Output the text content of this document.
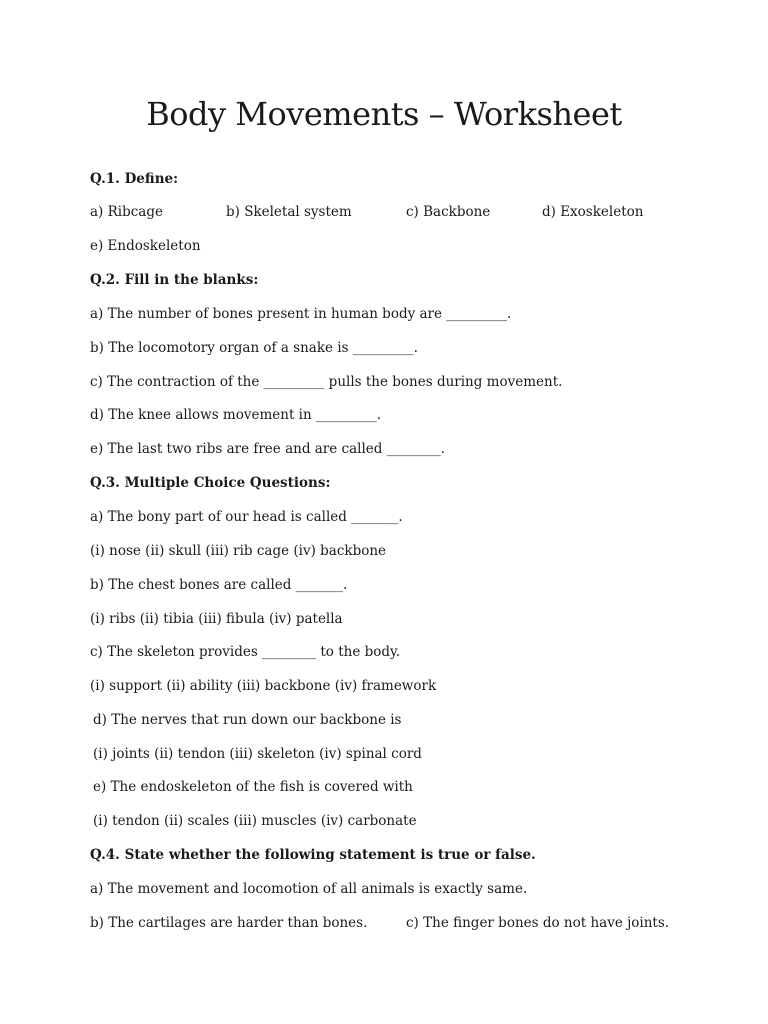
Body Movements – Worksheet
Q.1. Define:
a) Ribcage	b) Skeletal system	c) Backbone	d) Exoskeleton
e) Endoskeleton
Q.2. Fill in the blanks:
a) The number of bones present in human body are _________.
b) The locomotory organ of a snake is _________.
c) The contraction of the _________ pulls the bones during movement.
d) The knee allows movement in _________.
e) The last two ribs are free and are called ________.
Q.3. Multiple Choice Questions:
a) The bony part of our head is called _______.
(i) nose (ii) skull (iii) rib cage (iv) backbone
b) The chest bones are called _______.
(i) ribs (ii) tibia (iii) fibula (iv) patella
c) The skeleton provides ________ to the body.
(i) support (ii) ability (iii) backbone (iv) framework
d) The nerves that run down our backbone is
(i) joints (ii) tendon (iii) skeleton (iv) spinal cord
e) The endoskeleton of the fish is covered with
(i) tendon (ii) scales (iii) muscles (iv) carbonate
Q.4. State whether the following statement is true or false.
a) The movement and locomotion of all animals is exactly same.
b) The cartilages are harder than bones.	c) The finger bones do not have joints.
